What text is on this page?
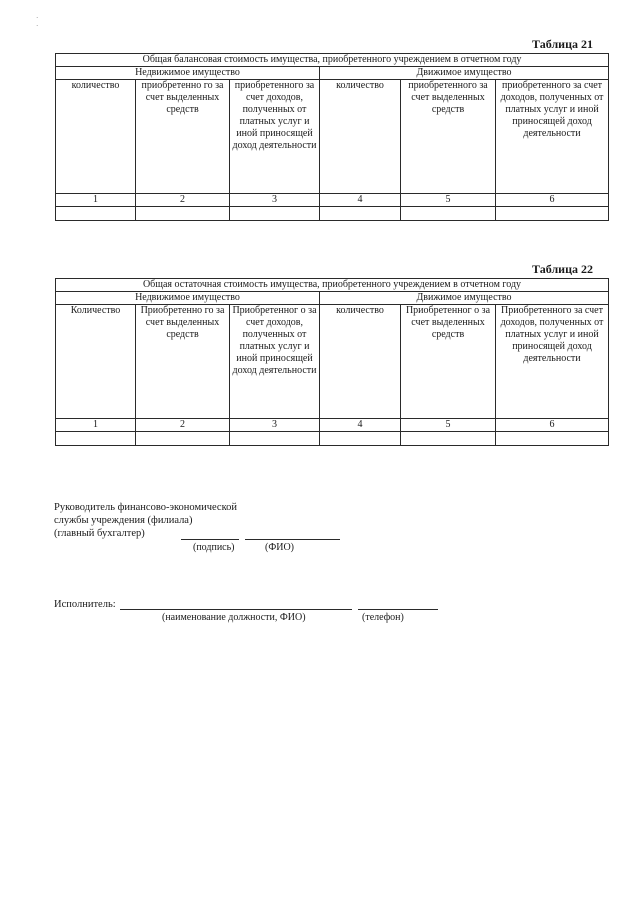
·
·
Таблица 21
Общая балансовая стоимость имущества, приобретенного учреждением в отчетном году					
Недвижимое имущество			Движимое имущество		
количество	приобретенно го за счет выделенных средств	приобретенного за счет доходов, полученных от платных услуг и иной приносящей доход деятельности	количество	приобретенного за счет выделенных средств	приобретенного за счет доходов, полученных от платных услуг и иной приносящей доход деятельности
1	2	3	4	5	6

Таблица 22
Общая остаточная стоимость имущества, приобретенного учреждением в отчетном году					
Недвижимое имущество			Движимое имущество		
Количество	Приобретенно го за счет выделенных средств	Приобретенног о за счет доходов, полученных от платных услуг и иной приносящей доход деятельности	количество	Приобретенног о за счет выделенных средств	Приобретенного за счет доходов, полученных от платных услуг и иной приносящей доход деятельности
1	2	3	4	5	6

Руководитель финансово-экономической
службы учреждения (филиала)
(главный бухгалтер)
(подпись)	(ФИО)
Исполнитель:
(наименование должности, ФИО)	(телефон)
